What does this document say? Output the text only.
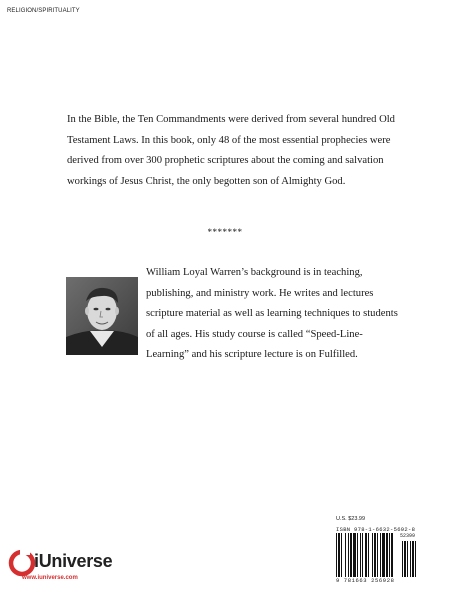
RELIGION/SPIRITUALITY

In the Bible, the Ten Commandments were derived from several hundred Old Testament Laws. In this book, only 48 of the most essential prophecies were derived from over 300 prophetic scriptures about the coming and salvation workings of Jesus Christ, the only begotten son of Almighty God.

*******

William Loyal Warren’s background is in teaching, publishing, and ministry work. He writes and lectures scripture material as well as learning techniques to students of all ages. His study course is called “Speed-Line-Learning” and his scripture lecture is on Fulfilled.

U.S. $23.99
ISBN 978-1-6632-5692-8
52399
9 781663 256928
iUniverse
www.iuniverse.com
